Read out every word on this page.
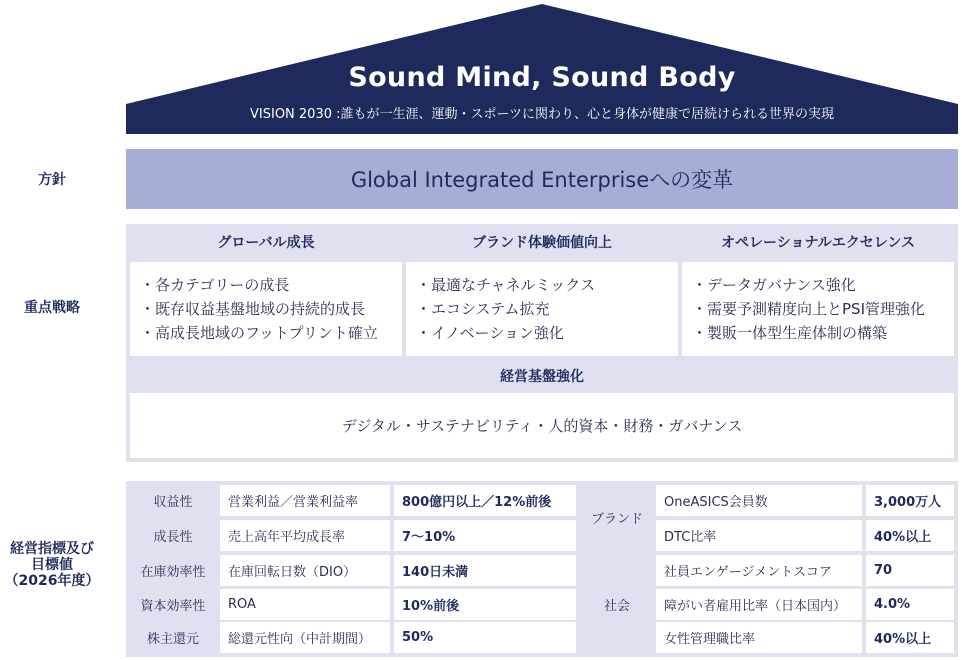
Sound Mind, Sound Body
VISION 2030 :誰もが一生涯、運動・スポーツに関わり、心と身体が健康で居続けられる世界の実現
方針
重点戦略
経営指標及び
目標値
（2026年度）
Global Integrated Enterpriseへの変革
グローバル成長	ブランド体験価値向上	オペレーショナルエクセレンス
・各カテゴリーの成長
・既存収益基盤地域の持続的成長
・高成長地域のフットプリント確立
・最適なチャネルミックス
・エコシステム拡充
・イノベーション強化
・データガバナンス強化
・需要予測精度向上とPSI管理強化
・製販一体型生産体制の構築
経営基盤強化
デジタル・サステナビリティ・人的資本・財務・ガバナンス
収益性	営業利益／営業利益率	800億円以上／12%前後
成長性	売上高年平均成長率	7～10%
在庫効率性	在庫回転日数（DIO）	140日未満
資本効率性	ROA	10%前後
株主還元	総還元性向（中計期間）	50%
ブランド
社会
OneASICS会員数	3,000万人
DTC比率	40%以上
社員エンゲージメントスコア	70
障がい者雇用比率（日本国内）	4.0%
女性管理職比率	40%以上
